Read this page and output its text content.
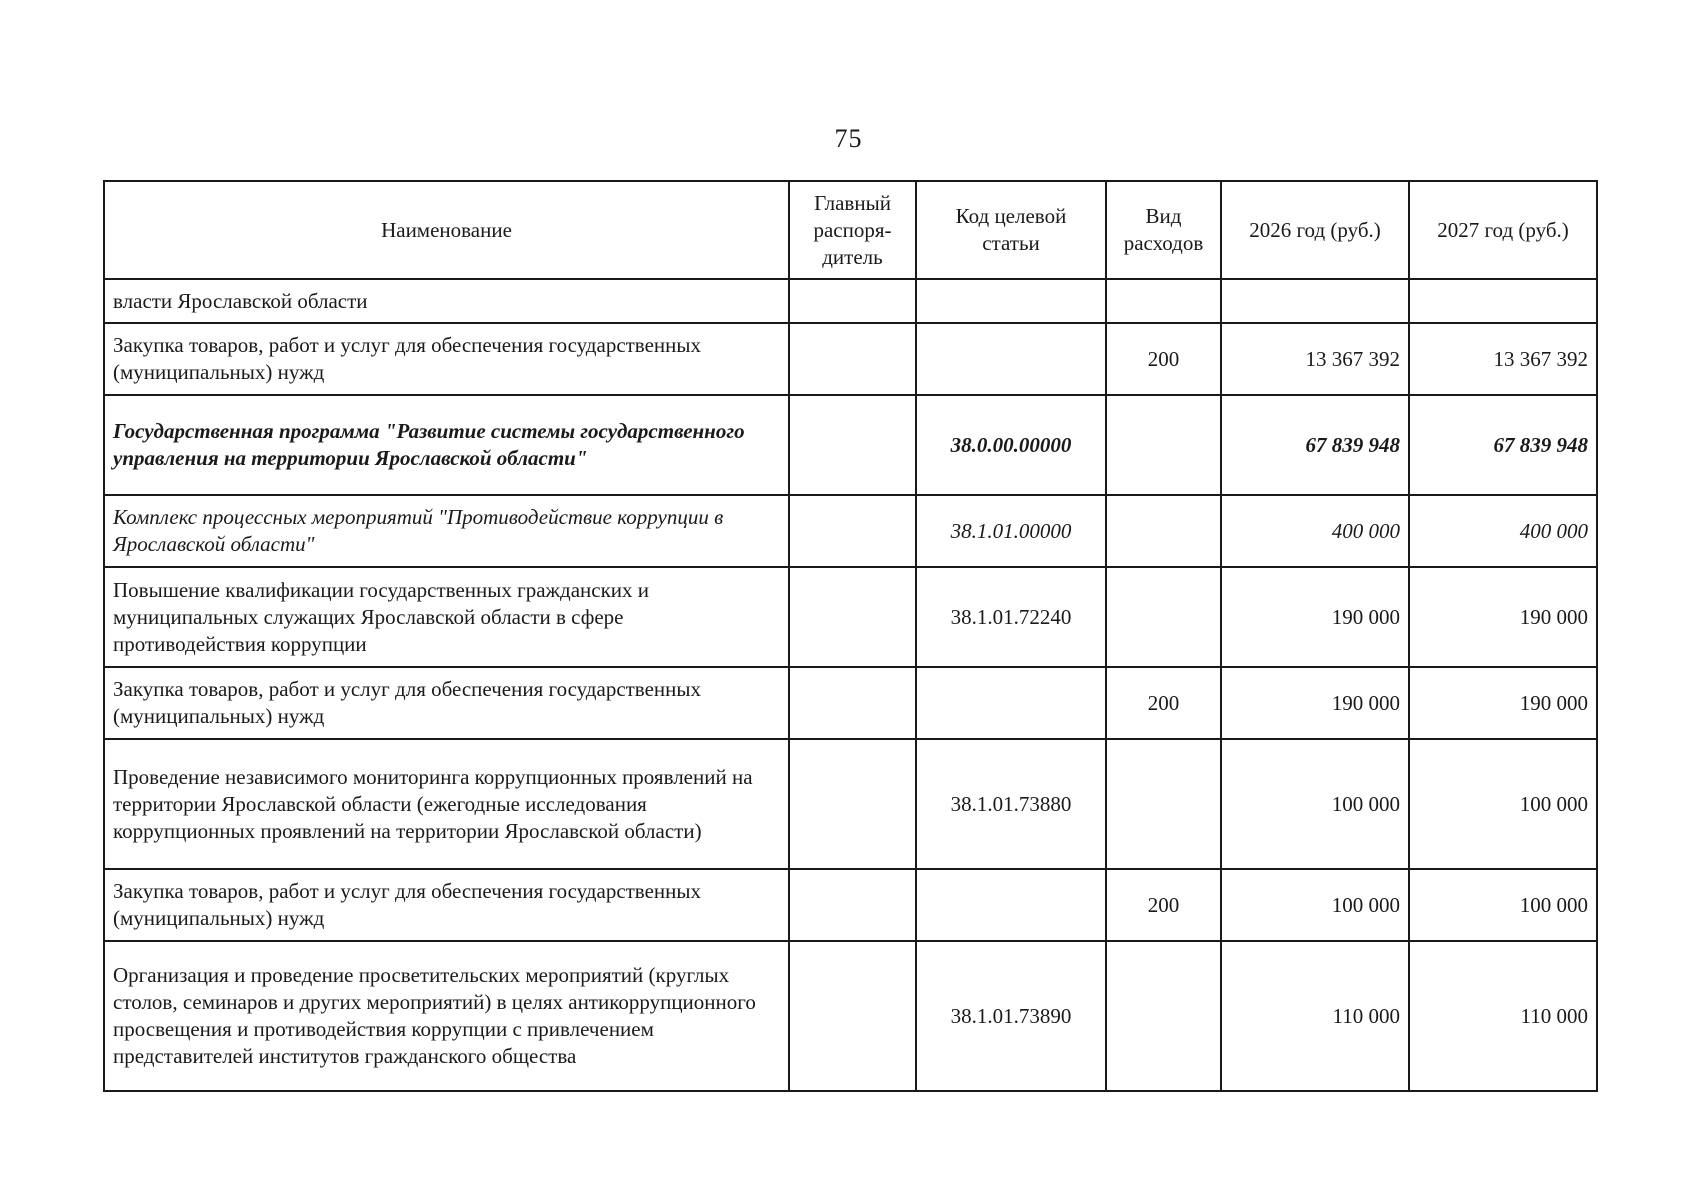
75
Наименование	Главный распоря-дитель	Код целевой статьи	Вид расходов	2026 год (руб.)	2027 год (руб.)
власти Ярославской области					
Закупка товаров, работ и услуг для обеспечения государственных (муниципальных) нужд			200	13 367 392	13 367 392
Государственная программа "Развитие системы государственного управления на территории Ярославской области"		38.0.00.00000		67 839 948	67 839 948
Комплекс процессных мероприятий "Противодействие коррупции в Ярославской области"		38.1.01.00000		400 000	400 000
Повышение квалификации государственных гражданских и муниципальных служащих Ярославской области в сфере противодействия коррупции		38.1.01.72240		190 000	190 000
Закупка товаров, работ и услуг для обеспечения государственных (муниципальных) нужд			200	190 000	190 000
Проведение независимого мониторинга коррупционных проявлений на территории Ярославской области (ежегодные исследования коррупционных проявлений на территории Ярославской области)		38.1.01.73880		100 000	100 000
Закупка товаров, работ и услуг для обеспечения государственных (муниципальных) нужд			200	100 000	100 000
Организация и проведение просветительских мероприятий (круглых столов, семинаров и других мероприятий) в целях антикоррупционного просвещения и противодействия коррупции с привлечением представителей институтов гражданского общества		38.1.01.73890		110 000	110 000
